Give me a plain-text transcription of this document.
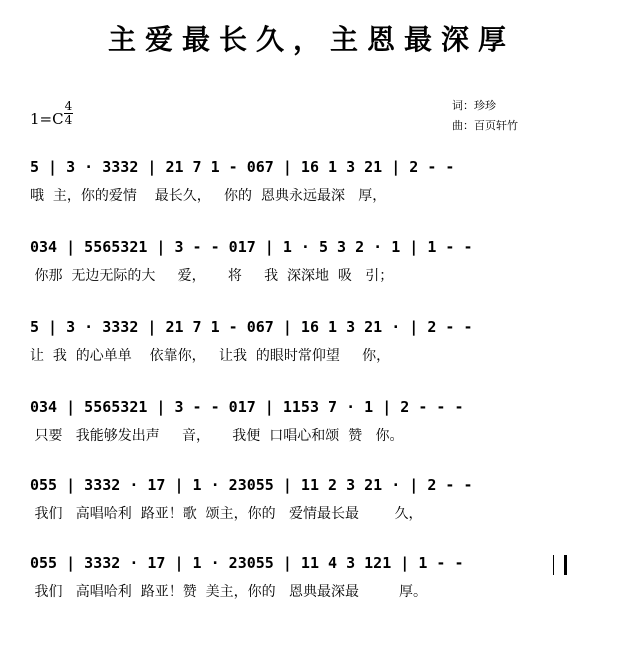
主爱最长久，主恩最深厚
1=C
4
4
词：珍珍
曲：百页轩竹
5 | 3 · 3332 | 21 7 1 - 067 | 16 1 3 21 | 2 - -
哦  主，你的爱情    最长久，   你的  恩典永远最深   厚，
034 | 5565321 | 3 - - 017 | 1 · 5 3 2 · 1 | 1 - -
你那  无边无际的大     爱，     将     我  深深地  吸   引；
5 | 3 · 3332 | 21 7 1 - 067 | 16 1 3 21 · | 2 - -
让  我  的心单单    依靠你，   让我  的眼时常仰望     你，
034 | 5565321 | 3 - - 017 | 1153 7 · 1 | 2 - - -
只要   我能够发出声     音，     我便  口唱心和颂  赞   你。
055 | 3332 · 17 | 1 · 23055 | 11 2 3 21 · | 2 - -
我们   高唱哈利  路亚！歌  颂主，你的   爱情最长最        久，
055 | 3332 · 17 | 1 · 23055 | 11 4 3 121 | 1 - -
我们   高唱哈利  路亚！赞  美主，你的   恩典最深最         厚。
